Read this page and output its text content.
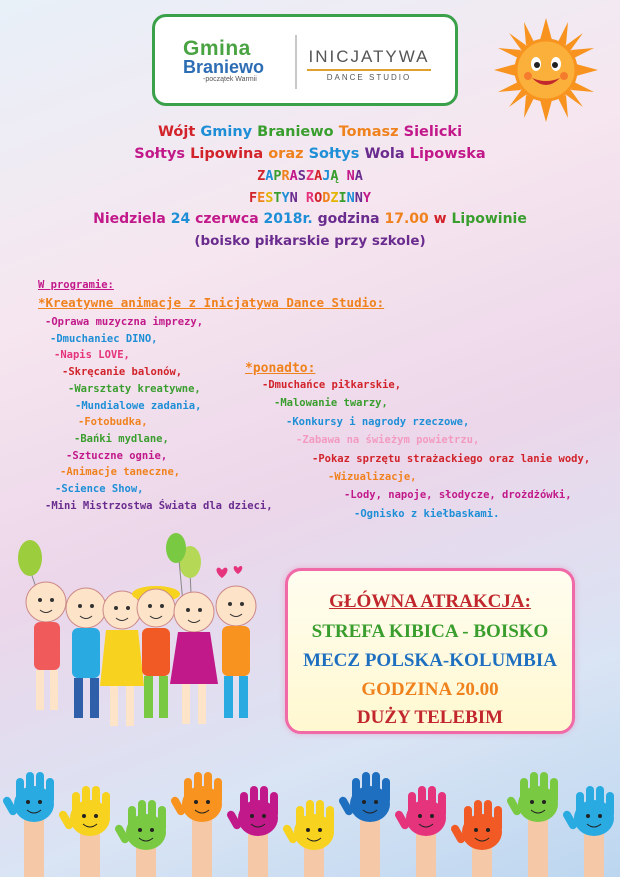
Gmina
Braniewo
-początek Warmii
INICJATYWA
DANCE STUDIO
Wójt Gminy Braniewo Tomasz Sielicki
Sołtys Lipowina oraz Sołtys Wola Lipowska
ZAPRASZAJĄ NA
FESTYN RODZINNY
Niedziela 24 czerwca 2018r. godzina 17.00 w Lipowinie
(boisko piłkarskie przy szkole)
W programie:
*Kreatywne animacje z Inicjatywa Dance Studio:
-Oprawa muzyczna imprezy,
-Dmuchaniec DINO,
-Napis LOVE,
-Skręcanie balonów,
-Warsztaty kreatywne,
-Mundialowe zadania,
-Fotobudka,
-Bańki mydlane,
-Sztuczne ognie,
-Animacje taneczne,
-Science Show,
-Mini Mistrzostwa Świata dla dzieci,
*ponadto:
-Dmuchańce piłkarskie,
-Malowanie twarzy,
-Konkursy i nagrody rzeczowe,
-Zabawa na świeżym powietrzu,
-Pokaz sprzętu strażackiego oraz lanie wody,
-Wizualizacje,
-Lody, napoje, słodycze, drożdżówki,
-Ognisko z kiełbaskami.
GŁÓWNA ATRAKCJA:
STREFA KIBICA - BOISKO
MECZ POLSKA-KOLUMBIA
GODZINA 20.00
DUŻY TELEBIM
